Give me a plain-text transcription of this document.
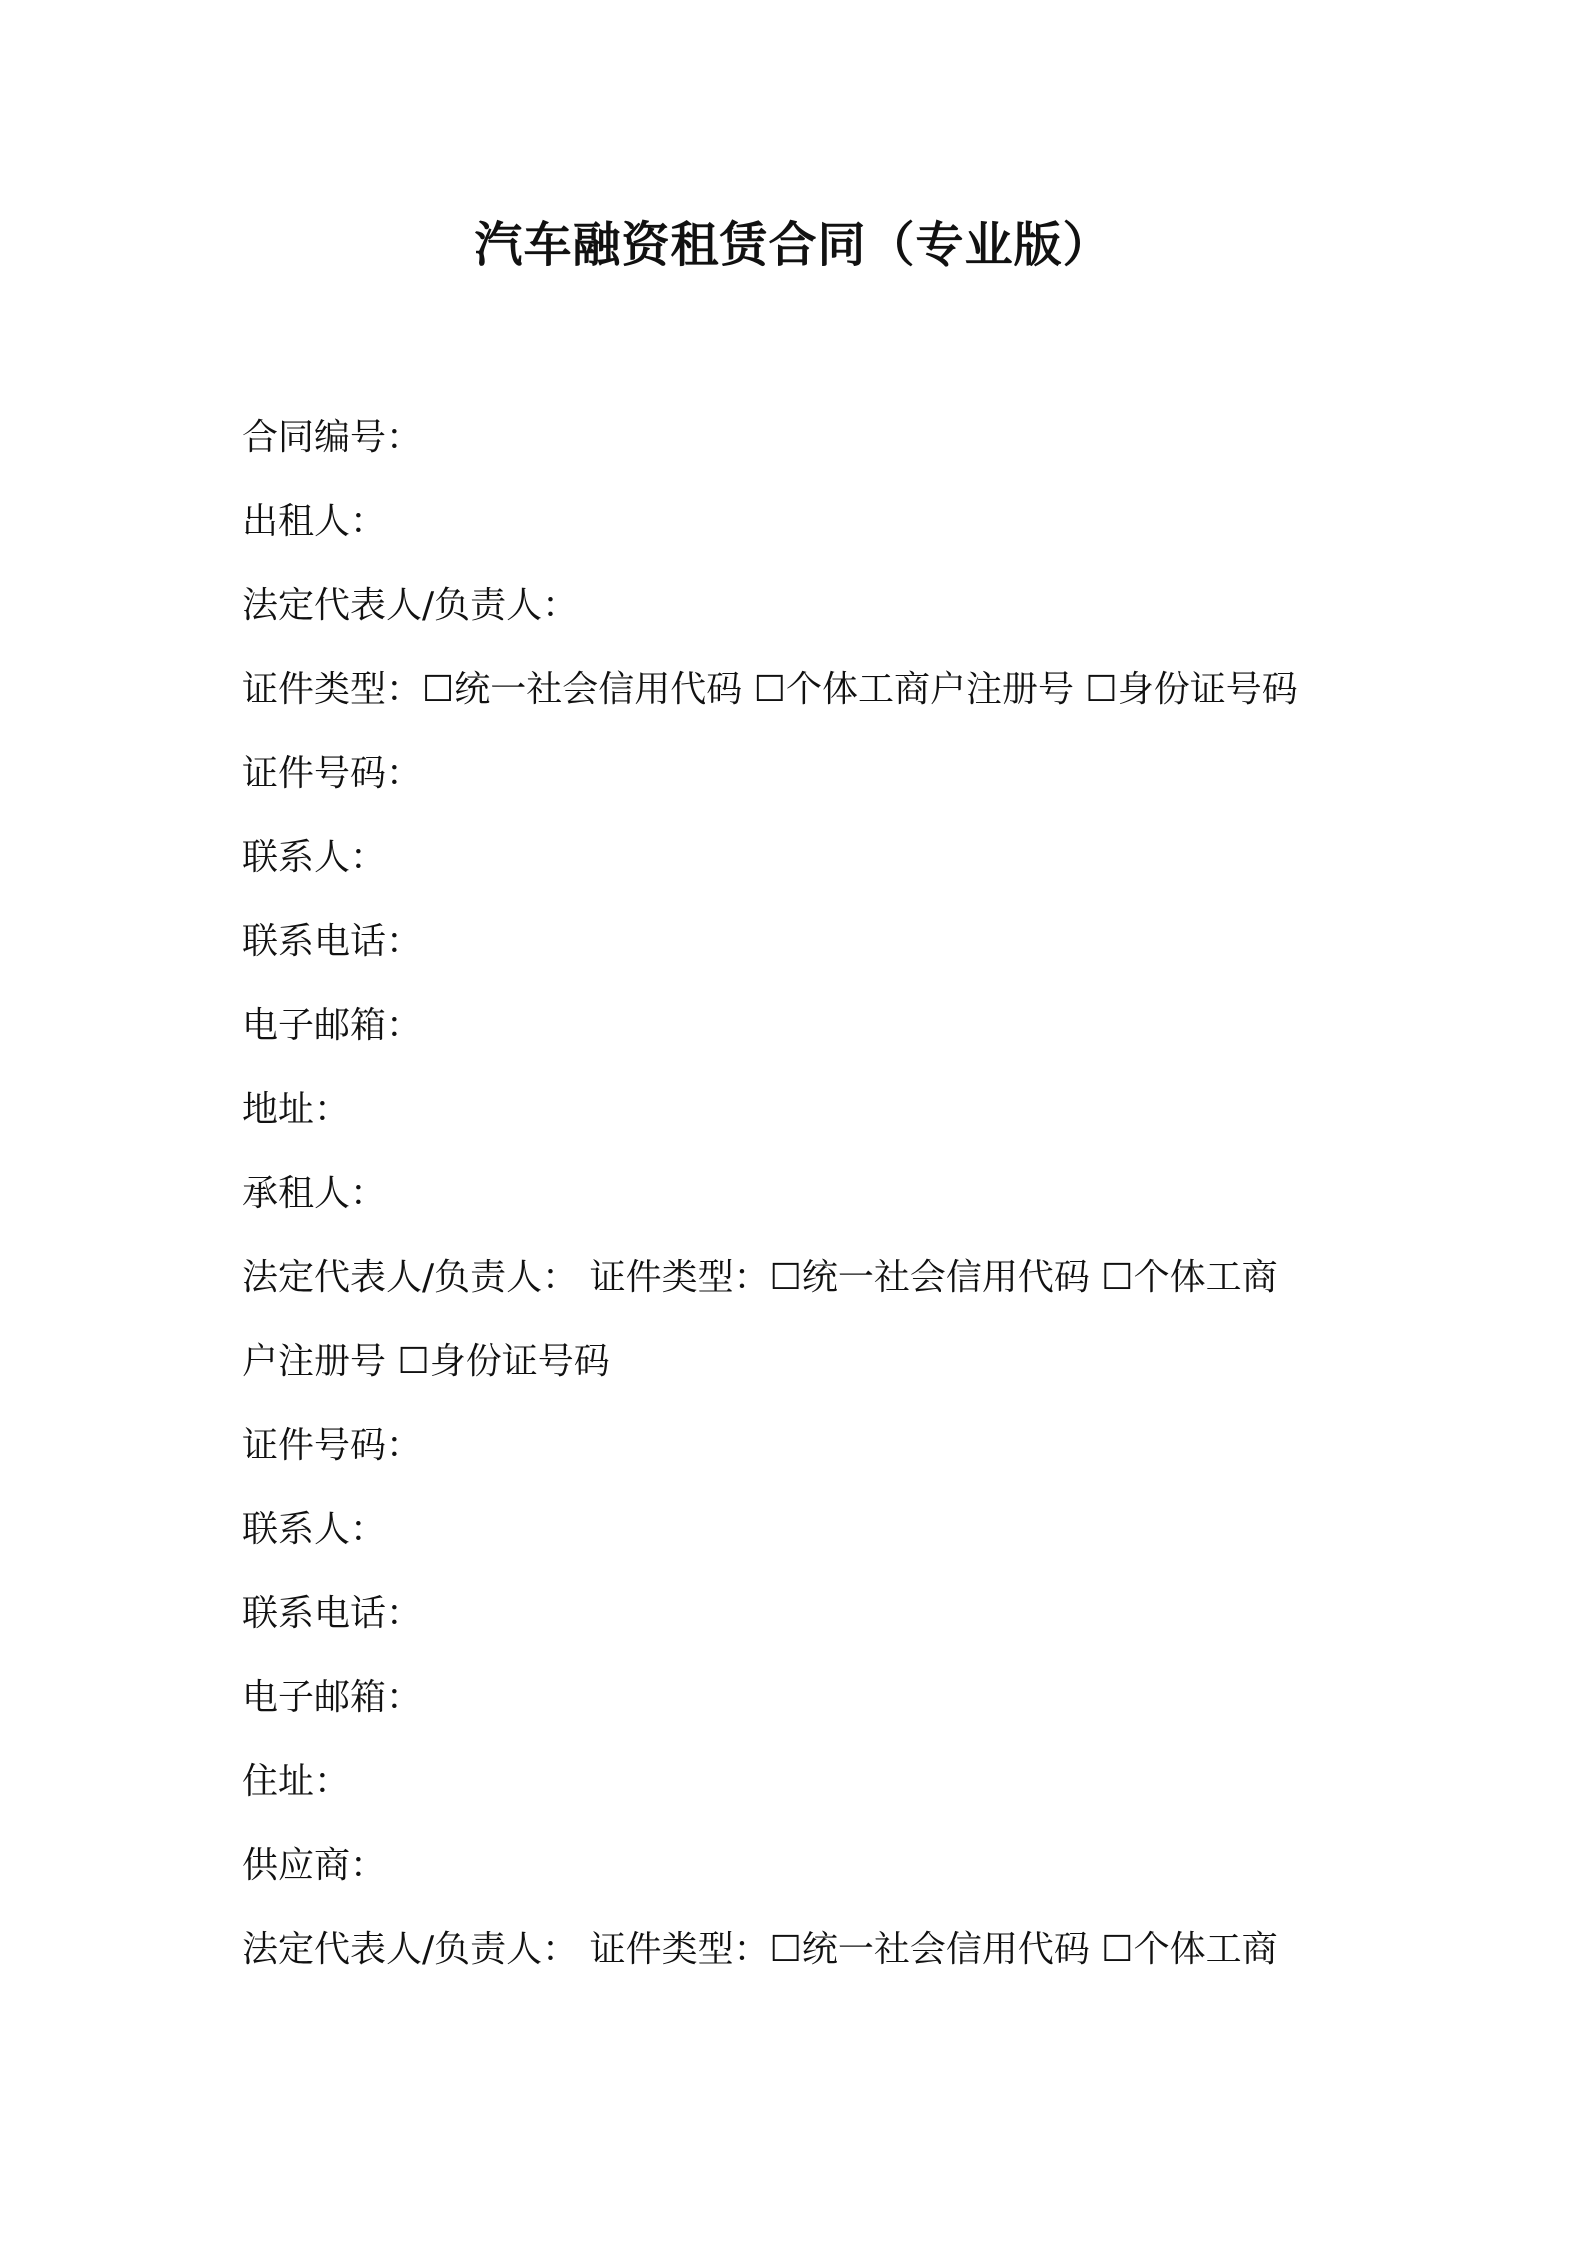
汽车融资租赁合同（专业版）
合同编号：
出租人：
法定代表人/负责人：
证件类型：☐统一社会信用代码 ☐个体工商户注册号 ☐身份证号码
证件号码：
联系人：
联系电话：
电子邮箱：
地址：
承租人：
法定代表人/负责人： 证件类型：☐统一社会信用代码 ☐个体工商
户注册号 ☐身份证号码
证件号码：
联系人：
联系电话：
电子邮箱：
住址：
供应商：
法定代表人/负责人： 证件类型：☐统一社会信用代码 ☐个体工商
